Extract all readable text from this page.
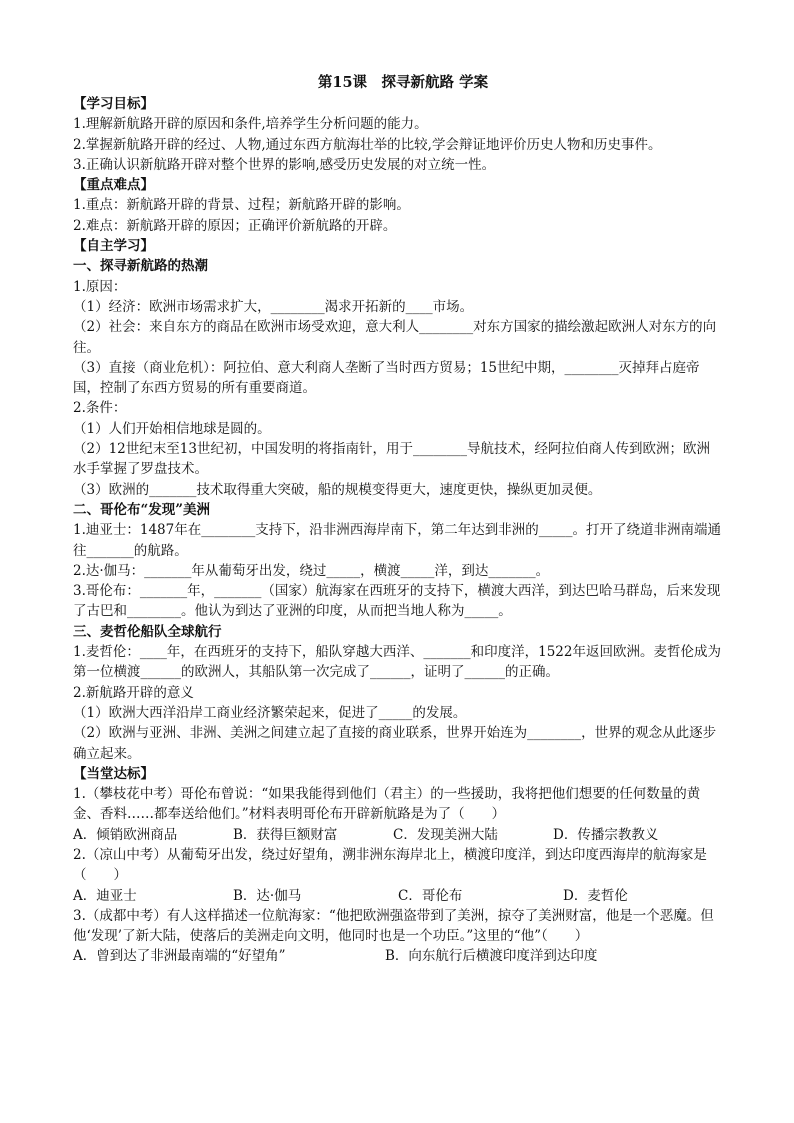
第15课　探寻新航路 学案
【学习目标】
1.理解新航路开辟的原因和条件,培养学生分析问题的能力。
2.掌握新航路开辟的经过、人物,通过东西方航海壮举的比较,学会辩证地评价历史人物和历史事件。
3.正确认识新航路开辟对整个世界的影响,感受历史发展的对立统一性。
【重点难点】
1.重点：新航路开辟的背景、过程；新航路开辟的影响。
2.难点：新航路开辟的原因；正确评价新航路的开辟。
【自主学习】
一、探寻新航路的热潮
1.原因：
（1）经济：欧洲市场需求扩大，________渴求开拓新的____市场。
（2）社会：来自东方的商品在欧洲市场受欢迎，意大利人________对东方国家的描绘激起欧洲人对东方的向往。
（3）直接（商业危机）：阿拉伯、意大利商人垄断了当时西方贸易；15世纪中期，________灭掉拜占庭帝国，控制了东西方贸易的所有重要商道。
2.条件：
（1）人们开始相信地球是圆的。
（2）12世纪末至13世纪初，中国发明的将指南针，用于________导航技术，经阿拉伯商人传到欧洲；欧洲水手掌握了罗盘技术。
（3）欧洲的_______技术取得重大突破，船的规模变得更大，速度更快，操纵更加灵便。
二、哥伦布“发现”美洲
1.迪亚士：1487年在________支持下，沿非洲西海岸南下，第二年达到非洲的_____。打开了绕道非洲南端通往_______的航路。
2.达·伽马：_______年从葡萄牙出发，绕过_____，横渡_____洋，到达_______。
3.哥伦布：_______年，_______（国家）航海家在西班牙的支持下，横渡大西洋，到达巴哈马群岛，后来发现了古巴和________。他认为到达了亚洲的印度，从而把当地人称为_____。
三、麦哲伦船队全球航行
1.麦哲伦：____年，在西班牙的支持下，船队穿越大西洋、_______和印度洋，1522年返回欧洲。麦哲伦成为第一位横渡______的欧洲人，其船队第一次完成了______，证明了______的正确。
2.新航路开辟的意义
（1）欧洲大西洋沿岸工商业经济繁荣起来，促进了_____的发展。
（2）欧洲与亚洲、非洲、美洲之间建立起了直接的商业联系，世界开始连为________，世界的观念从此逐步确立起来。
【当堂达标】
1.（攀枝花中考）哥伦布曾说：“如果我能得到他们（君主）的一些援助，我将把他们想要的任何数量的黄金、香料……都奉送给他们。”材料表明哥伦布开辟新航路是为了（　　）
A．倾销欧洲商品	B．获得巨额财富	C．发现美洲大陆	D．传播宗教教义
2.（凉山中考）从葡萄牙出发，绕过好望角，溯非洲东海岸北上，横渡印度洋，到达印度西海岸的航海家是（　　）
A．迪亚士	B．达·伽马	C．哥伦布	D．麦哲伦
3.（成都中考）有人这样描述一位航海家：“他把欧洲强盗带到了美洲，掠夺了美洲财富，他是一个恶魔。但他‘发现’了新大陆，使落后的美洲走向文明，他同时也是一个功臣。”这里的“他”（　　）
A．曾到达了非洲最南端的“好望角”	B．向东航行后横渡印度洋到达印度
